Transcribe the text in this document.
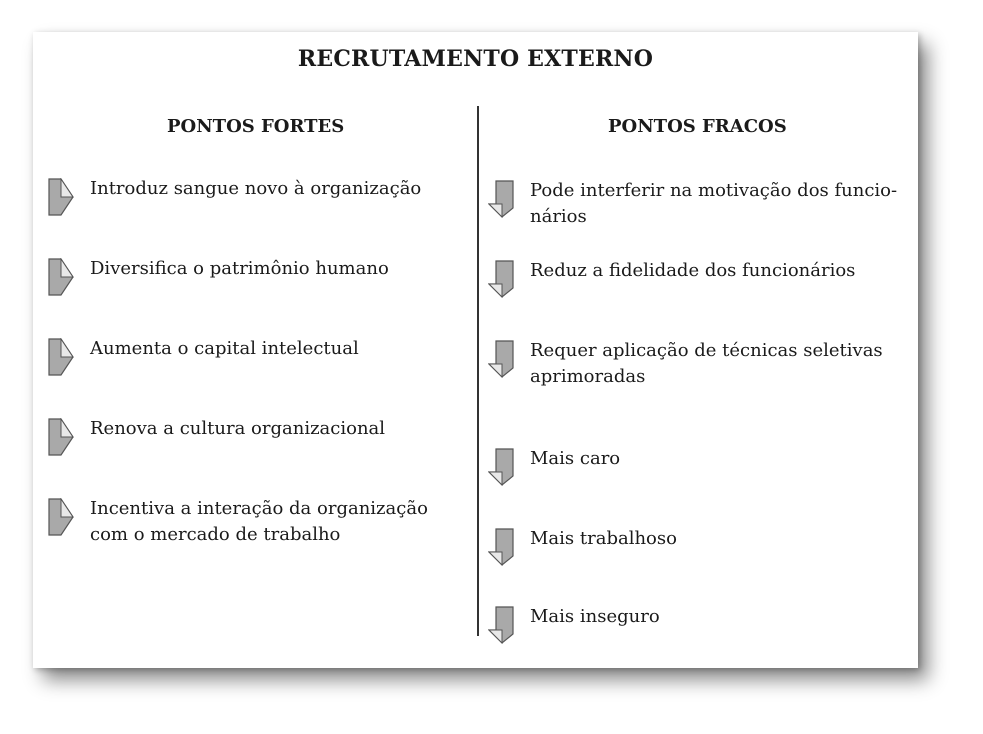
RECRUTAMENTO EXTERNO
PONTOS FORTES	PONTOS FRACOS
Introduz sangue novo à organização
Diversifica o patrimônio humano
Aumenta o capital intelectual
Renova a cultura organizacional
Incentiva a interação da organização com o mercado de trabalho
Pode interferir na motivação dos funcio-nários
Reduz a fidelidade dos funcionários
Requer aplicação de técnicas seletivas aprimoradas
Mais caro
Mais trabalhoso
Mais inseguro
